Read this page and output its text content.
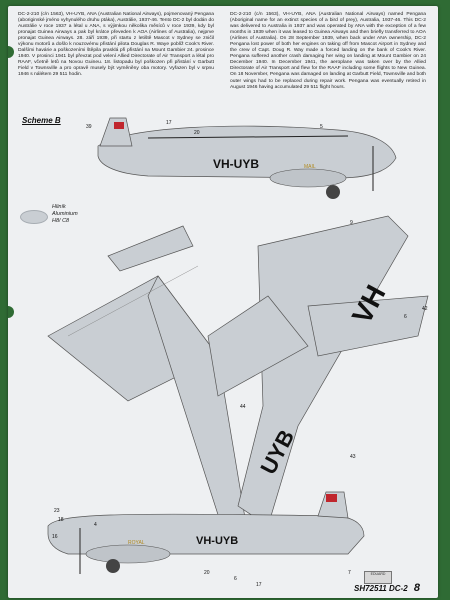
DC-2-210 (c/n 1563), VH-UYB, ANA (Australian National Airways), pojmenovaný Pengana (aboriginské jméno vyhynulého druhu ptáka), Austrálie, 1937-46. Tento DC-2 byl dodán do Austrálie v roce 1937 a létal u ANA, s výjimkou několika měsíců v roce 1939, kdy byl pronajat Guinea Airways a pak byl krátce převeden k AOA (Airlines of Australia), nejprve pronajat Guinea Airways. 28. září 1939, při startu z letiště Mascot v Sydney se zničil výkonu motorů a došlo k nouzovému přistání pilota Douglas R. Waye poblíž Cook's River. Dalšími havárie a poškozeními štěpila prasklá při přistání na Mount Gambier 24. prosince 1940. V prosinci 1941 byl převzat pod velení Allied Directorate of Air Transport a létal pro RAAF, včetně letů na Novou Guineu. 18. listopadu byl poškozen při přistání v Garbutt Field v Townsville a pro opravě musely být vyměněny oba motory. Vyřazen byl v srpnu 1946 s nálétem 29 511 hodin.
DC-2-210 (c/n 1563), VH-UYB, ANA (Australian National Airways) named Pengana (Aboriginal name for an extinct species of a bird of prey), Australia, 1937-46. This DC-2 was delivered to Australia in 1937 and was operated by ANA with the exception of a few months in 1939 when it was leased to Guinea Airways and then briefly transferred to AOA (Airlines of Australia). On 28 September 1939, when back under ANA ownership, DC-2 Pengana lost power of both her engines on taking off from Mascot Airport in Sydney and the crew of Capt. Doug R. Way made a forced landing on the bank of Cook's River. Pengana suffered another crash damaging her wing on landing at Mount Gambier on 24 December 1940. In December 1941, the aeroplane was taken over by the Allied Directorate of Air Transport and flew for the RAAF including some flights to New Guinea. On 18 November, Pengana was damaged on landing at Garbutt Field, Townsville and both outer wings had to be replaced during repair work. Pengana was eventually retired in August 1946 having accumulated 29 511 flight hours.
Scheme B
Hliník
Aluminium
H8/ C8
VH-UYB	MAIL
39
17
20
5
9
VH
UYB
6
42
44
43
ROYAL	VH-UYB
23
18
4
16
20
6
17
7	EDUARD
SH72511 DC-2 8
